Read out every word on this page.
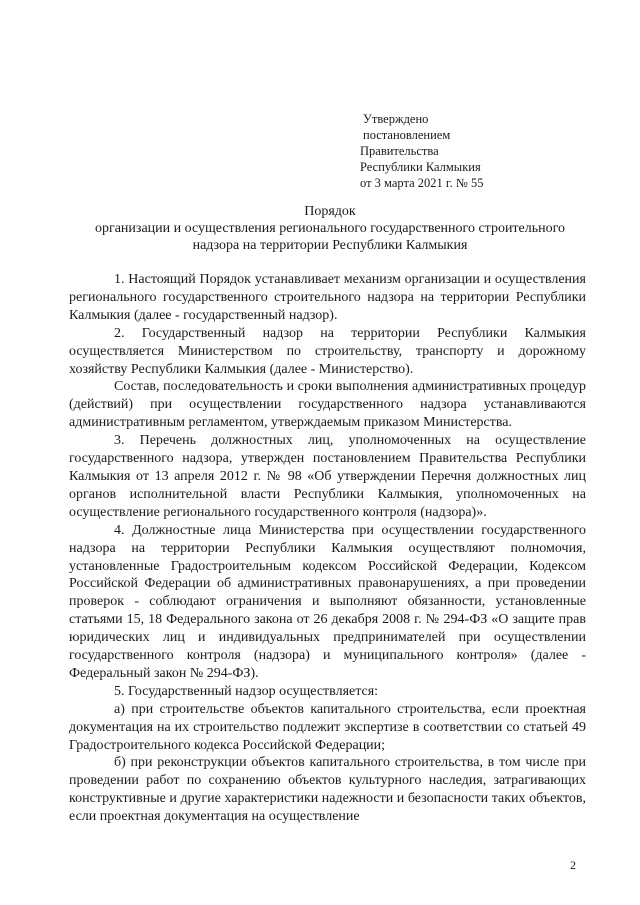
Утверждено
постановлением
Правительства
Республики Калмыкия
от 3 марта 2021 г. № 55
Порядок
организации и осуществления регионального государственного строительного
надзора на территории Республики Калмыкия

1. Настоящий Порядок устанавливает механизм организации и осуществления регионального государственного строительного надзора на территории Республики Калмыкия (далее - государственный надзор).

2. Государственный надзор на территории Республики Калмыкия осуществляется Министерством по строительству, транспорту и дорожному хозяйству Республики Калмыкия (далее - Министерство).

Состав, последовательность и сроки выполнения административных процедур (действий) при осуществлении государственного надзора устанавливаются административным регламентом, утверждаемым приказом Министерства.

3. Перечень должностных лиц, уполномоченных на осуществление государственного надзора, утвержден постановлением Правительства Республики Калмыкия от 13 апреля 2012 г. № 98 «Об утверждении Перечня должностных лиц органов исполнительной власти Республики Калмыкия, уполномоченных на осуществление регионального государственного контроля (надзора)».

4. Должностные лица Министерства при осуществлении государственного надзора на территории Республики Калмыкия осуществляют полномочия, установленные Градостроительным кодексом Российской Федерации, Кодексом Российской Федерации об административных правонарушениях, а при проведении проверок - соблюдают ограничения и выполняют обязанности, установленные статьями 15, 18 Федерального закона от 26 декабря 2008 г. № 294-ФЗ «О защите прав юридических лиц и индивидуальных предпринимателей при осуществлении государственного контроля (надзора) и муниципального контроля» (далее - Федеральный закон № 294-ФЗ).

5. Государственный надзор осуществляется:

а) при строительстве объектов капитального строительства, если проектная документация на их строительство подлежит экспертизе в соответствии со статьей 49 Градостроительного кодекса Российской Федерации;

б) при реконструкции объектов капитального строительства, в том числе при проведении работ по сохранению объектов культурного наследия, затрагивающих конструктивные и другие характеристики надежности и безопасности таких объектов, если проектная документация на осуществление

2
